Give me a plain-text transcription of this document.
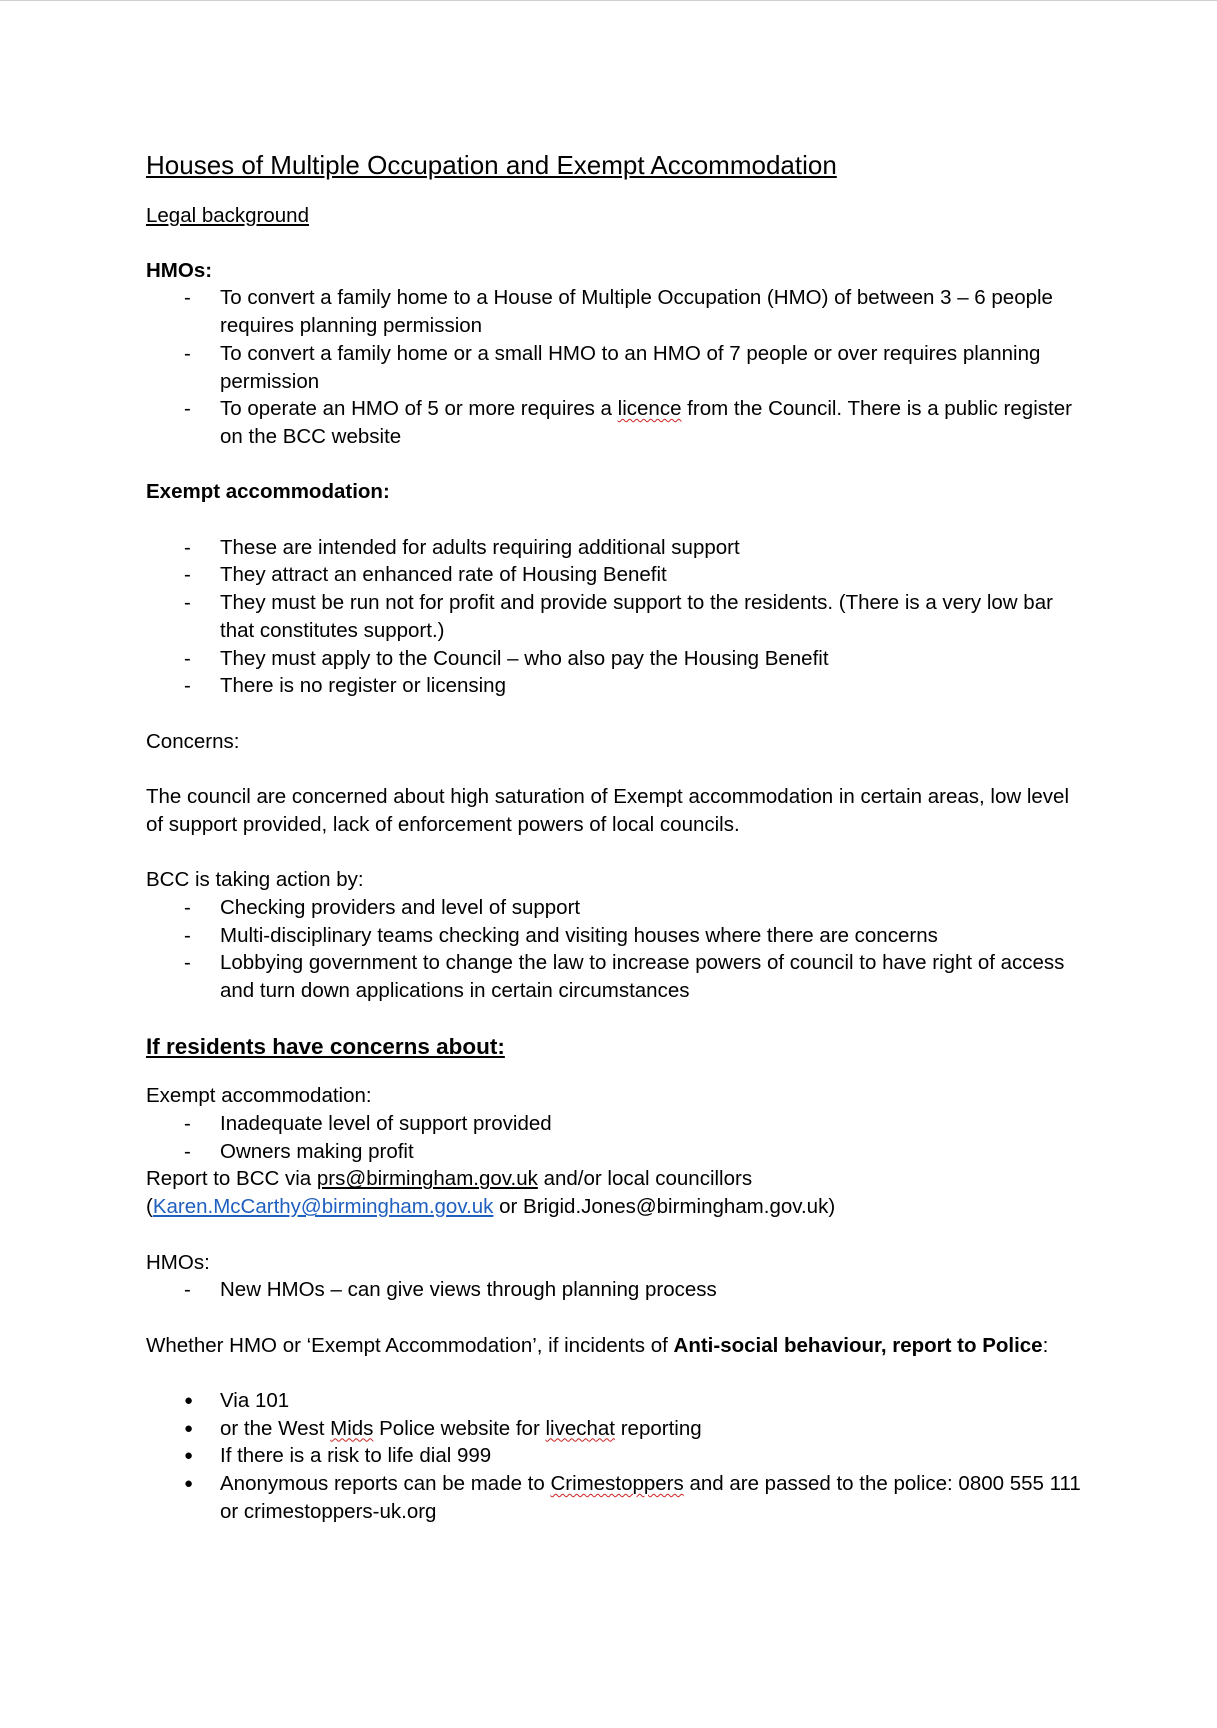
Houses of Multiple Occupation and Exempt Accommodation

Legal background

HMOs:

- To convert a family home to a House of Multiple Occupation (HMO) of between 3 – 6 people requires planning permission
- To convert a family home or a small HMO to an HMO of 7 people or over requires planning permission
- To operate an HMO of 5 or more requires a licence from the Council. There is a public register on the BCC website

Exempt accommodation:

- These are intended for adults requiring additional support
- They attract an enhanced rate of Housing Benefit
- They must be run not for profit and provide support to the residents. (There is a very low bar that constitutes support.)
- They must apply to the Council – who also pay the Housing Benefit
- There is no register or licensing

Concerns:

The council are concerned about high saturation of Exempt accommodation in certain areas, low level of support provided, lack of enforcement powers of local councils.

BCC is taking action by:

- Checking providers and level of support
- Multi-disciplinary teams checking and visiting houses where there are concerns
- Lobbying government to change the law to increase powers of council to have right of access and turn down applications in certain circumstances

If residents have concerns about:

Exempt accommodation:

- Inadequate level of support provided
- Owners making profit

Report to BCC via prs@birmingham.gov.uk and/or local councillors

(Karen.McCarthy@birmingham.gov.uk or Brigid.Jones@birmingham.gov.uk)

HMOs:

- New HMOs – can give views through planning process

Whether HMO or ‘Exempt Accommodation’, if incidents of Anti-social behaviour, report to Police:

● Via 101
● or the West Mids Police website for livechat reporting
● If there is a risk to life dial 999
● Anonymous reports can be made to Crimestoppers and are passed to the police: 0800 555 111 or crimestoppers-uk.org
